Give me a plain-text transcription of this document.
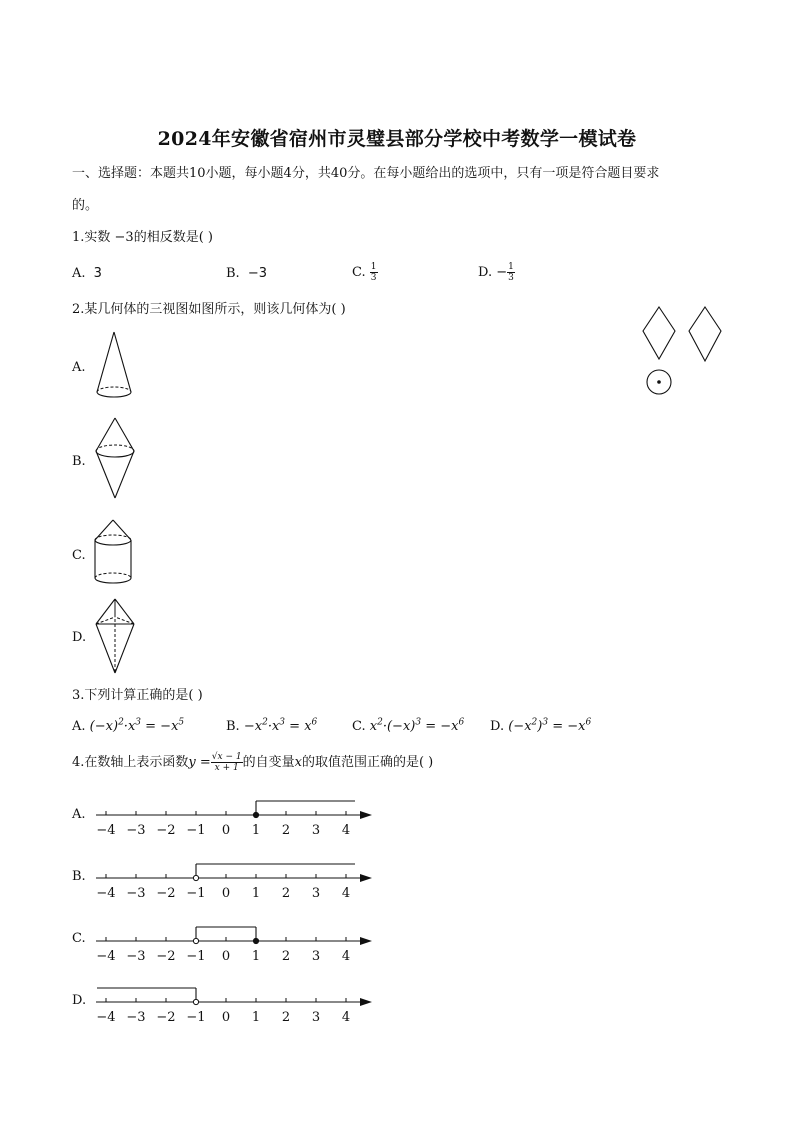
2024年安徽省宿州市灵璧县部分学校中考数学一模试卷
一、选择题：本题共10小题，每小题4分，共40分。在每小题给出的选项中，只有一项是符合题目要求
的。
1.实数 −3的相反数是( )
A. 3	B. −3	C. $\frac{1}{3}$	D. − $\frac{1}{3}$
2.某几何体的三视图如图所示，则该几何体为( )
A.
B.
C.
D.
3.下列计算正确的是( )
A. $(-x)^2\cdot x^3 = -x^5$	B. $-x^2\cdot x^3 = x^6$	C. $x^2\cdot(-x)^3 = -x^6$ D. $(-x^2)^3 = -x^6$
4.在数轴上表示函数$y = \frac{√x - 1}{x + 1}$ 的自变量x的取值范围正确的是( )
A.
−4 −3 −2 −1 0 1 2 3 4
B.
−4 −3 −2 −1 0 1 2 3 4
C.
−4 −3 −2 −1 0 1 2 3 4
D.
−4 −3 −2 −1 0 1 2 3 4
